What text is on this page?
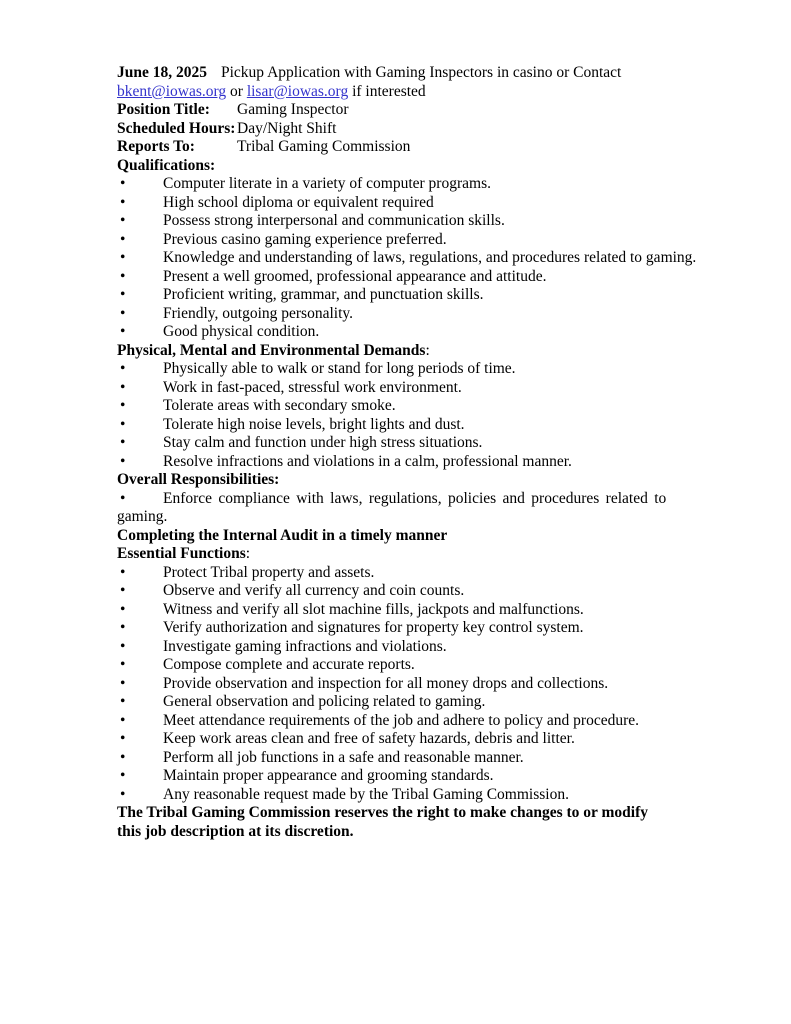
June 18, 2025 Pickup Application with Gaming Inspectors in casino or Contact
bkent@iowas.org or lisar@iowas.org if interested

Position Title: Gaming Inspector
Scheduled Hours: Day/Night Shift
Reports To:	Tribal Gaming Commission
Qualifications:
•Computer literate in a variety of computer programs.
•High school diploma or equivalent required
•Possess strong interpersonal and communication skills.
•Previous casino gaming experience preferred.
•Knowledge and understanding of laws, regulations, and procedures related to gaming.
•Present a well groomed, professional appearance and attitude.
•Proficient writing, grammar, and punctuation skills.
•Friendly, outgoing personality.
•Good physical condition.
Physical, Mental and Environmental Demands:
•Physically able to walk or stand for long periods of time.
•Work in fast-paced, stressful work environment.
•Tolerate areas with secondary smoke.
•Tolerate high noise levels, bright lights and dust.
•Stay calm and function under high stress situations.
•Resolve infractions and violations in a calm, professional manner.
Overall Responsibilities:
•Enforce compliance with laws, regulations, policies and procedures related to
gaming.
Completing the Internal Audit in a timely manner
Essential Functions:
•Protect Tribal property and assets.
•Observe and verify all currency and coin counts.
•Witness and verify all slot machine fills, jackpots and malfunctions.
•Verify authorization and signatures for property key control system.
•Investigate gaming infractions and violations.
•Compose complete and accurate reports.
•Provide observation and inspection for all money drops and collections.
•General observation and policing related to gaming.
•Meet attendance requirements of the job and adhere to policy and procedure.
•Keep work areas clean and free of safety hazards, debris and litter.
•Perform all job functions in a safe and reasonable manner.
•Maintain proper appearance and grooming standards.
•Any reasonable request made by the Tribal Gaming Commission.

The Tribal Gaming Commission reserves the right to make changes to or modify
this job description at its discretion.
